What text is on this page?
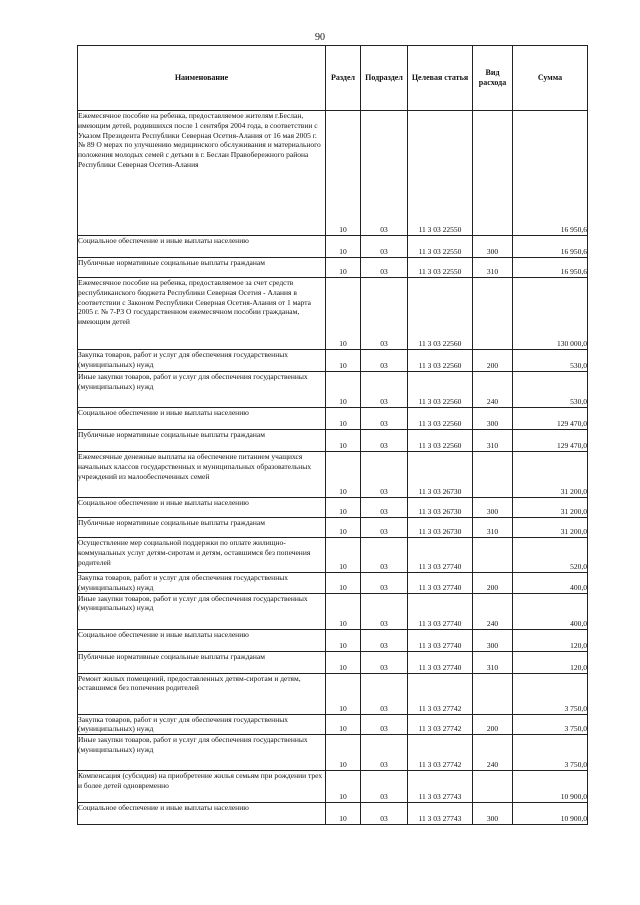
90
Наименование	Раздел	Подраздел	Целевая статья	Вид расхода	Сумма
Ежемесячное пособие на ребенка, предоставляемое жителям г.Беслан, имеющим детей, родившихся после 1 сентября 2004 года, в соответствии с Указом Президента Республики Северная Осетия-Алания от 16 мая 2005 г. № 89 О мерах по улучшению медицинского обслуживания и материального положения молодых семей с детьми в г. Беслан Правобережного района Республики Северная Осетия-Алания	10	03	11 3 03 22550		16 950,6
Социальное обеспечение и иные выплаты населению	10	03	11 3 03 22550	300	16 950,6
Публичные нормативные социальные выплаты гражданам	10	03	11 3 03 22550	310	16 950,6
Ежемесячное пособие на ребенка, предоставляемое за счет средств республиканского бюджета Республики Северная Осетия - Алания в соответствии с Законом Республики Северная Осетия-Алания от 1 марта 2005 г. № 7-РЗ О государственном ежемесячном пособии гражданам, имеющим детей	10	03	11 3 03 22560		130 000,0
Закупка товаров, работ и услуг для обеспечения государственных (муниципальных) нужд	10	03	11 3 03 22560	200	530,0
Иные закупки товаров, работ и услуг для обеспечения государственных (муниципальных) нужд	10	03	11 3 03 22560	240	530,0
Социальное обеспечение и иные выплаты населению	10	03	11 3 03 22560	300	129 470,0
Публичные нормативные социальные выплаты гражданам	10	03	11 3 03 22560	310	129 470,0
Ежемесячные денежные выплаты на обеспечение питанием учащихся начальных классов государственных и муниципальных образовательных учреждений из малообеспеченных семей	10	03	11 3 03 26730		31 200,0
Социальное обеспечение и иные выплаты населению	10	03	11 3 03 26730	300	31 200,0
Публичные нормативные социальные выплаты гражданам	10	03	11 3 03 26730	310	31 200,0
Осуществление мер социальной поддержки по оплате жилищно-коммунальных услуг детям-сиротам и детям, оставшимся без попечения родителей	10	03	11 3 03 27740		520,0
Закупка товаров, работ и услуг для обеспечения государственных (муниципальных) нужд	10	03	11 3 03 27740	200	400,0
Иные закупки товаров, работ и услуг для обеспечения государственных (муниципальных) нужд	10	03	11 3 03 27740	240	400,0
Социальное обеспечение и иные выплаты населению	10	03	11 3 03 27740	300	120,0
Публичные нормативные социальные выплаты гражданам	10	03	11 3 03 27740	310	120,0
Ремонт жилых помещений, предоставленных детям-сиротам и детям, оставшимся без попечения родителей	10	03	11 3 03 27742		3 750,0
Закупка товаров, работ и услуг для обеспечения государственных (муниципальных) нужд	10	03	11 3 03 27742	200	3 750,0
Иные закупки товаров, работ и услуг для обеспечения государственных (муниципальных) нужд	10	03	11 3 03 27742	240	3 750,0
Компенсация (субсидия) на приобретение жилья семьям при рождении трех и более детей одновременно	10	03	11 3 03 27743		10 900,0
Социальное обеспечение и иные выплаты населению	10	03	11 3 03 27743	300	10 900,0
